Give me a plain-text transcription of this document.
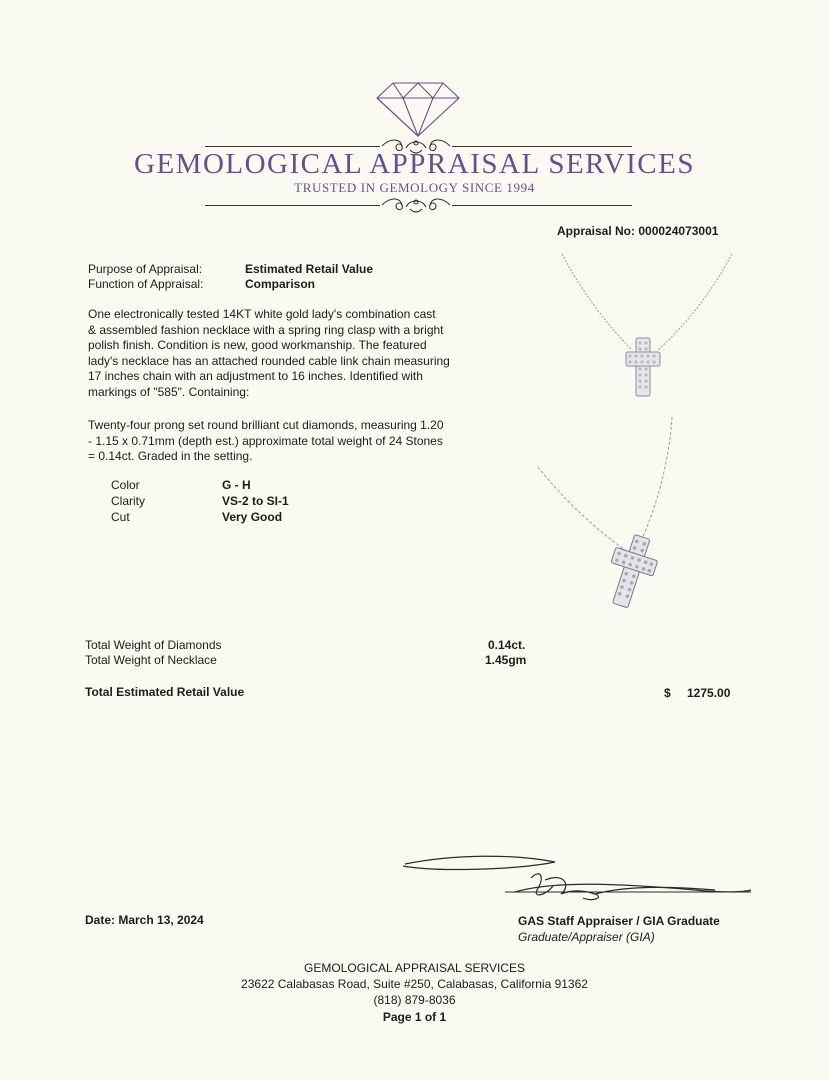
GEMOLOGICAL APPRAISAL SERVICES
TRUSTED IN GEMOLOGY SINCE 1994
Appraisal No: 000024073001
Purpose of Appraisal:	Estimated Retail Value
Function of Appraisal:	Comparison
One electronically tested 14KT white gold lady's combination cast
& assembled fashion necklace with a spring ring clasp with a bright
polish finish. Condition is new, good workmanship. The featured
lady's necklace has an attached rounded cable link chain measuring
17 inches chain with an adjustment to 16 inches. Identified with
markings of "585". Containing:
Twenty-four prong set round brilliant cut diamonds, measuring 1.20
- 1.15 x 0.71mm (depth est.) approximate total weight of 24 Stones
= 0.14ct. Graded in the setting.
Color	G - H
Clarity	VS-2 to SI-1
Cut	Very Good
Total Weight of Diamonds	0.14ct.
Total Weight of Necklace	1.45gm
Total Estimated Retail Value	$ 1275.00
Date: March 13, 2024	GAS Staff Appraiser / GIA Graduate
Graduate/Appraiser (GIA)
GEMOLOGICAL APPRAISAL SERVICES
23622 Calabasas Road, Suite #250, Calabasas, California 91362
(818) 879-8036
Page 1 of 1
